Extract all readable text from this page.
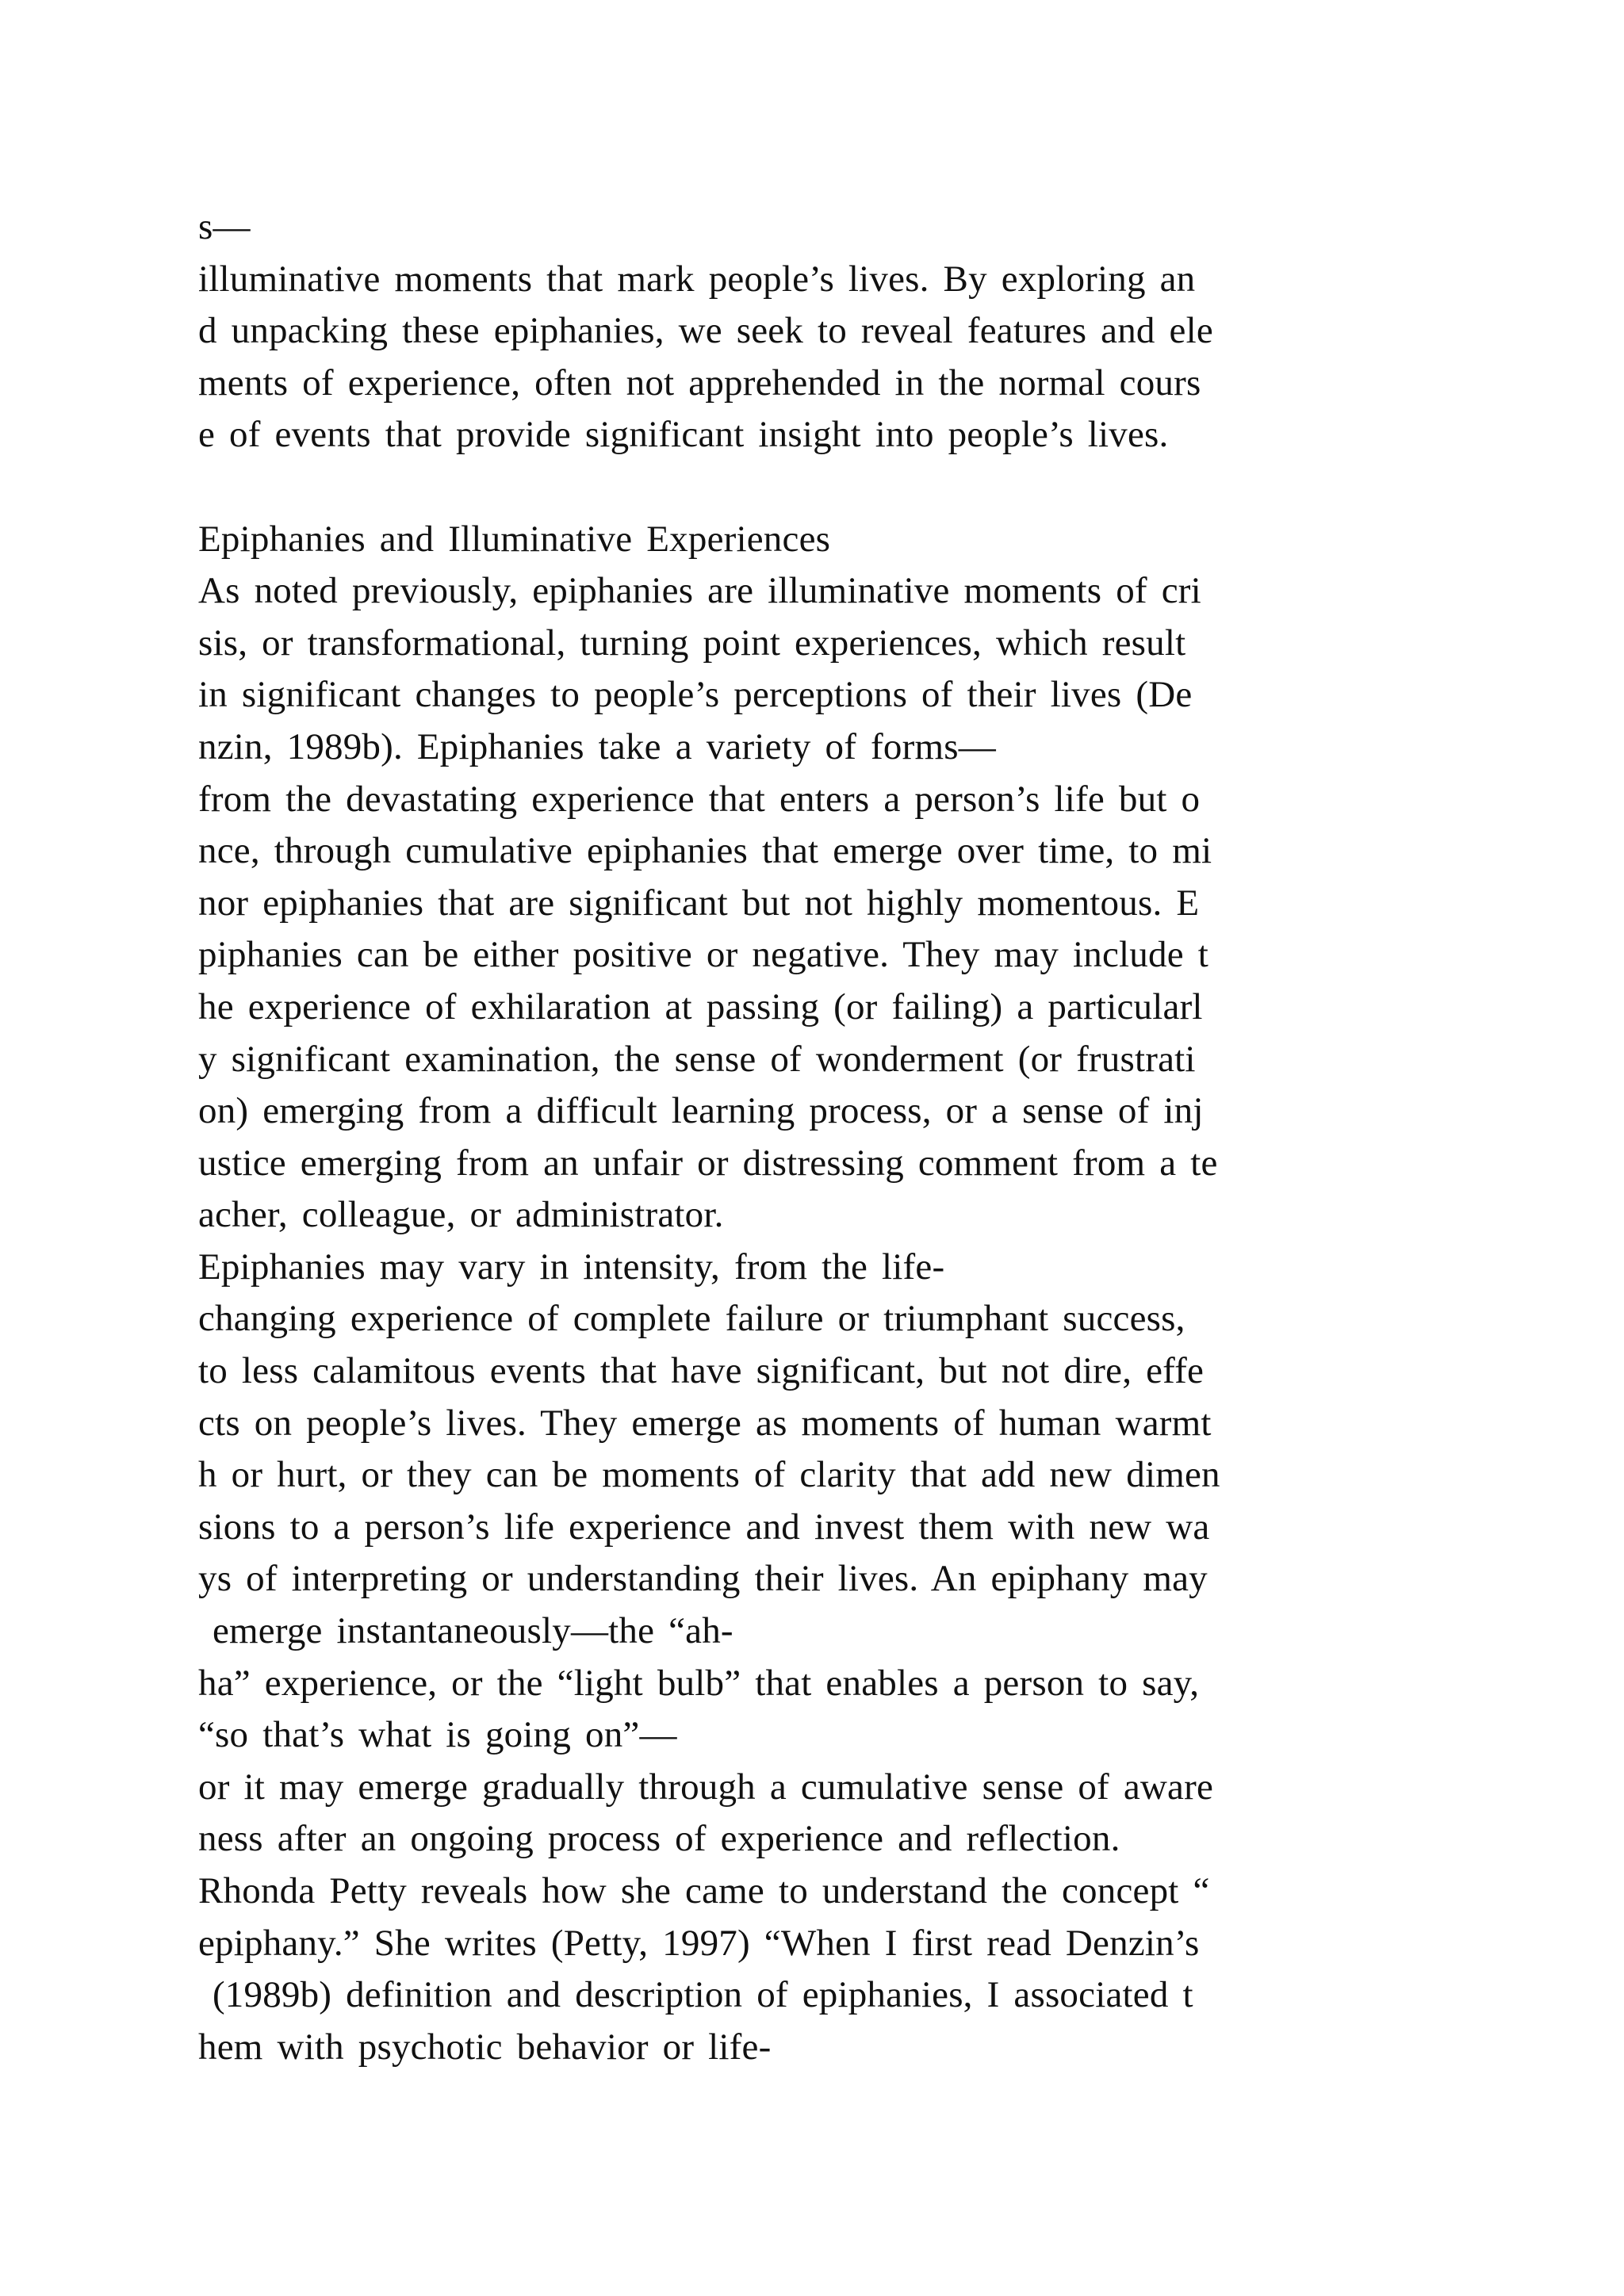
s—
illuminative moments that mark people’s lives. By exploring an
d unpacking these epiphanies, we seek to reveal features and ele
ments of experience, often not apprehended in the normal cours
e of events that provide significant insight into people’s lives.
Epiphanies and Illuminative Experiences
As noted previously, epiphanies are illuminative moments of cri
sis, or transformational, turning point experiences, which result
in significant changes to people’s perceptions of their lives (De
nzin, 1989b). Epiphanies take a variety of forms—
from the devastating experience that enters a person’s life but o
nce, through cumulative epiphanies that emerge over time, to mi
nor epiphanies that are significant but not highly momentous. E
piphanies can be either positive or negative. They may include t
he experience of exhilaration at passing (or failing) a particularl
y significant examination, the sense of wonderment (or frustrati
on) emerging from a difficult learning process, or a sense of inj
ustice emerging from an unfair or distressing comment from a te
acher, colleague, or administrator.
Epiphanies may vary in intensity, from the life-
changing experience of complete failure or triumphant success,
to less calamitous events that have significant, but not dire, effe
cts on people’s lives. They emerge as moments of human warmt
h or hurt, or they can be moments of clarity that add new dimen
sions to a person’s life experience and invest them with new wa
ys of interpreting or understanding their lives. An epiphany may
emerge instantaneously—the “ah-
ha” experience, or the “light bulb” that enables a person to say,
“so that’s what is going on”—
or it may emerge gradually through a cumulative sense of aware
ness after an ongoing process of experience and reflection.
Rhonda Petty reveals how she came to understand the concept “
epiphany.” She writes (Petty, 1997) “When I first read Denzin’s
(1989b) definition and description of epiphanies, I associated t
hem with psychotic behavior or life-
